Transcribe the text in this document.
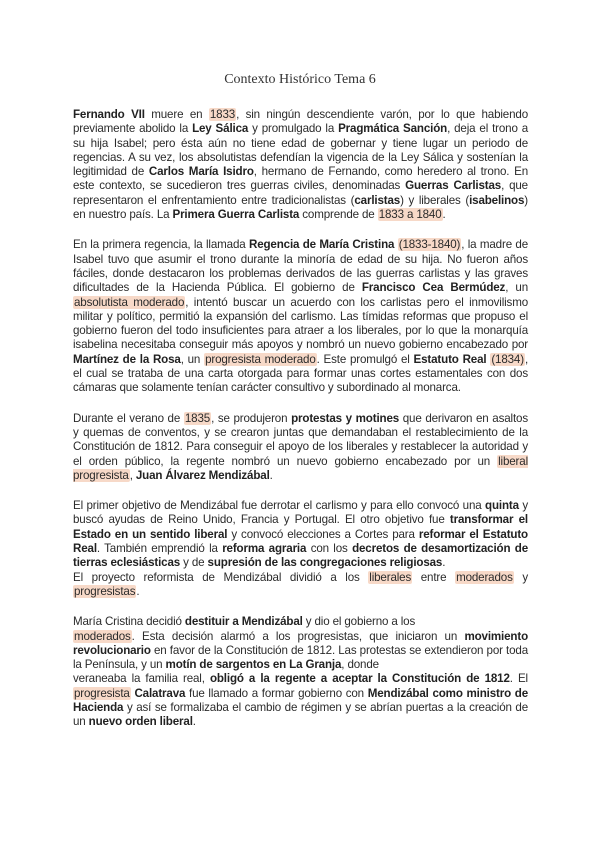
Contexto Histórico Tema 6

Fernando VII muere en 1833, sin ningún descendiente varón, por lo que habiendo previamente abolido la Ley Sálica y promulgado la Pragmática Sanción, deja el trono a su hija Isabel; pero ésta aún no tiene edad de gobernar y tiene lugar un periodo de regencias. A su vez, los absolutistas defendían la vigencia de la Ley Sálica y sostenían la legitimidad de Carlos María Isidro, hermano de Fernando, como heredero al trono. En este contexto, se sucedieron tres guerras civiles, denominadas Guerras Carlistas, que representaron el enfrentamiento entre tradicionalistas (carlistas) y liberales (isabelinos) en nuestro país. La Primera Guerra Carlista comprende de 1833 a 1840.

En la primera regencia, la llamada Regencia de María Cristina (1833-1840), la madre de Isabel tuvo que asumir el trono durante la minoría de edad de su hija. No fueron años fáciles, donde destacaron los problemas derivados de las guerras carlistas y las graves dificultades de la Hacienda Pública. El gobierno de Francisco Cea Bermúdez, un absolutista moderado, intentó buscar un acuerdo con los carlistas pero el inmovilismo militar y político, permitió la expansión del carlismo. Las tímidas reformas que propuso el gobierno fueron del todo insuficientes para atraer a los liberales, por lo que la monarquía isabelina necesitaba conseguir más apoyos y nombró un nuevo gobierno encabezado por Martínez de la Rosa, un progresista moderado. Este promulgó el Estatuto Real (1834), el cual se trataba de una carta otorgada para formar unas cortes estamentales con dos cámaras que solamente tenían carácter consultivo y subordinado al monarca.

Durante el verano de 1835, se produjeron protestas y motines que derivaron en asaltos y quemas de conventos, y se crearon juntas que demandaban el restablecimiento de la Constitución de 1812. Para conseguir el apoyo de los liberales y restablecer la autoridad y el orden público, la regente nombró un nuevo gobierno encabezado por un liberal progresista, Juan Álvarez Mendizábal.

El primer objetivo de Mendizábal fue derrotar el carlismo y para ello convocó una quinta y buscó ayudas de Reino Unido, Francia y Portugal. El otro objetivo fue transformar el Estado en un sentido liberal y convocó elecciones a Cortes para reformar el Estatuto Real. También emprendió la reforma agraria con los decretos de desamortización de tierras eclesiásticas y de supresión de las congregaciones religiosas.

El proyecto reformista de Mendizábal dividió a los liberales entre moderados y progresistas.

María Cristina decidió destituir a Mendizábal y dio el gobierno a los

moderados. Esta decisión alarmó a los progresistas, que iniciaron un movimiento revolucionario en favor de la Constitución de 1812. Las protestas se extendieron por toda la Península, y un motín de sargentos en La Granja, donde

veraneaba la familia real, obligó a la regente a aceptar la Constitución de 1812. El progresista Calatrava fue llamado a formar gobierno con Mendizábal como ministro de Hacienda y así se formalizaba el cambio de régimen y se abrían puertas a la creación de un nuevo orden liberal.
